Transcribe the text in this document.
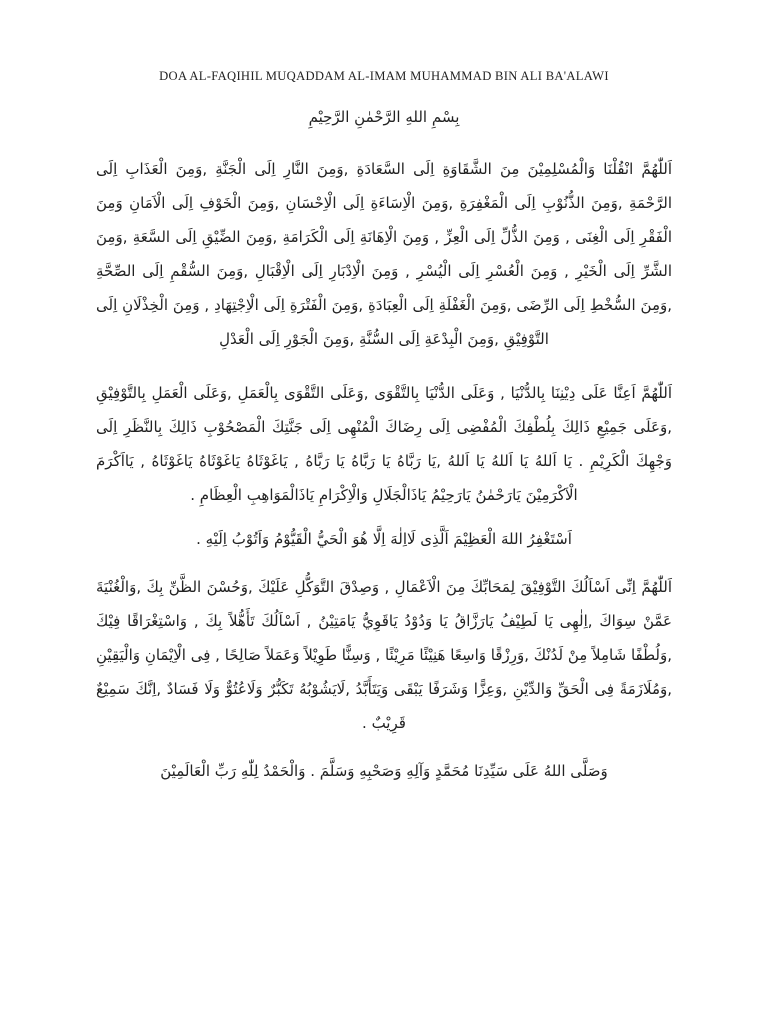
DOA AL-FAQIHIL MUQADDAM AL-IMAM MUHAMMAD BIN ALI BA'ALAWI
بِسْمِ اللهِ الرَّحْمٰنِ الرَّحِيْمِ

اَللّٰهُمَّ انْقُلْنَا وَالْمُسْلِمِيْنَ مِنَ الشَّقَاوَةِ اِلَى السَّعَادَةِ ,وَمِنَ النَّارِ اِلَى الْجَنَّةِ ,وَمِنَ الْعَذَابِ اِلَى الرَّحْمَةِ ,وَمِنَ الذُّنُوْبِ اِلَى الْمَغْفِرَةِ ,وَمِنَ الْاِسَاءَةِ اِلَى الْاِحْسَانِ ,وَمِنَ الْخَوْفِ اِلَى الْاَمَانِ وَمِنَ الْفَقْرِ اِلَى الْغِنَى , وَمِنَ الذُّلِّ اِلَى الْعِزِّ , وَمِنَ الْاِهَانَةِ اِلَى الْكَرَامَةِ ,وَمِنَ الضِّيْقِ اِلَى السَّعَةِ ,وَمِنَ الشَّرِّ اِلَى الْخَيْرِ , وَمِنَ الْعُسْرِ اِلَى الْيُسْرِ , وَمِنَ الْاِدْبَارِ اِلَى الْاِقْبَالِ ,وَمِنَ السُّقْمِ اِلَى الصِّحَّةِ ,وَمِنَ السُّخْطِ اِلَى الرِّضَى ,وَمِنَ الْغَفْلَةِ اِلَى الْعِبَادَةِ ,وَمِنَ الْفَتْرَةِ اِلَى الْاِجْتِهَادِ , وَمِنَ الْخِذْلَانِ اِلَى التَّوْفِيْقِ ,وَمِنَ الْبِدْعَةِ اِلَى السُّنَّةِ ,وَمِنَ الْجَوْرِ اِلَى الْعَدْلِ

اَللّٰهُمَّ اَعِنَّا عَلَى دِيْنِنَا بِالدُّنْيَا , وَعَلَى الدُّنْيَا بِالتَّقْوَى ,وَعَلَى التَّقْوَى بِالْعَمَلِ ,وَعَلَى الْعَمَلِ بِالتَّوْفِيْقِ ,وَعَلَى جَمِيْعِ ذَالِكَ بِلُطْفِكَ الْمُفْضِى اِلَى رِضَاكَ الْمُنْهِى اِلَى جَنَّتِكَ الْمَصْحُوْبِ ذَالِكَ بِالنَّظَرِ اِلَى وَجْهِكَ الْكَرِيْمِ . يَا اَللهُ يَا اَللهُ يَا اَللهُ ,يَا رَبَّاهُ يَا رَبَّاهُ يَا رَبَّاهُ , يَاغَوْثَاهُ يَاغَوْثَاهُ يَاغَوْثَاهُ , يَااَكْرَمَ الْاَكْرَمِيْنَ يَارَحْمٰنُ يَارَحِيْمُ يَاذَالْجَلَالِ وَالْاِكْرَامِ يَاذَالْمَوَاهِبِ الْعِظَامِ .

اَسْتَغْفِرُ اللهَ الْعَظِيْمَ اَلَّذِى لَااِلٰهَ اِلَّا هُوَ الْحَيُّ الْقَيُّوْمُ وَاَتُوْبُ اِلَيْهِ .

اَللّٰهُمَّ اِنِّى اَسْاَلُكَ التَّوْفِيْقَ لِمَحَابِّكَ مِنَ الْاَعْمَالِ , وَصِدْقَ التَّوَكُّلِ عَلَيْكَ ,وَحُسْنَ الظَّنِّ بِكَ ,وَالْغُنْيَةَ عَمَّنْ سِوَاكَ ,اِلٰهِى يَا لَطِيْفُ يَارَزَّاقُ يَا وَدُوْدُ يَاقَوِيُّ يَامَتِيْنُ , اَسْاَلُكَ تَأَهُّلاً بِكَ , وَاسْتِغْرَاقًا فِيْكَ ,وَلُطْفًا شَامِلاً مِنْ لَدُنْكَ ,وَرِزْقًا وَاسِعًا هَنِيْئًا مَرِيْئًا , وَسِنًّا طَوِيْلاً وَعَمَلاً صَالِحًا , فِى الْاِيْمَانِ وَالْيَقِيْنِ ,وَمُلَازَمَةً فِى الْحَقِّ وَالدِّيْنِ ,وَعِزًّا وَشَرَفًا يَبْقَى وَيَتَأَبَّدُ ,لَايَشُوْبُهُ تَكَبُّرٌ وَلَاعُتُوٌّ وَلَا فَسَادٌ ,اِنَّكَ سَمِيْعٌ قَرِيْبٌ .

وَصَلَّى اللهُ عَلَى سَيِّدِنَا مُحَمَّدٍ وَآلِهِ وَصَحْبِهِ وَسَلَّمَ . وَالْحَمْدُ لِلّٰهِ رَبِّ الْعَالَمِيْنَ
